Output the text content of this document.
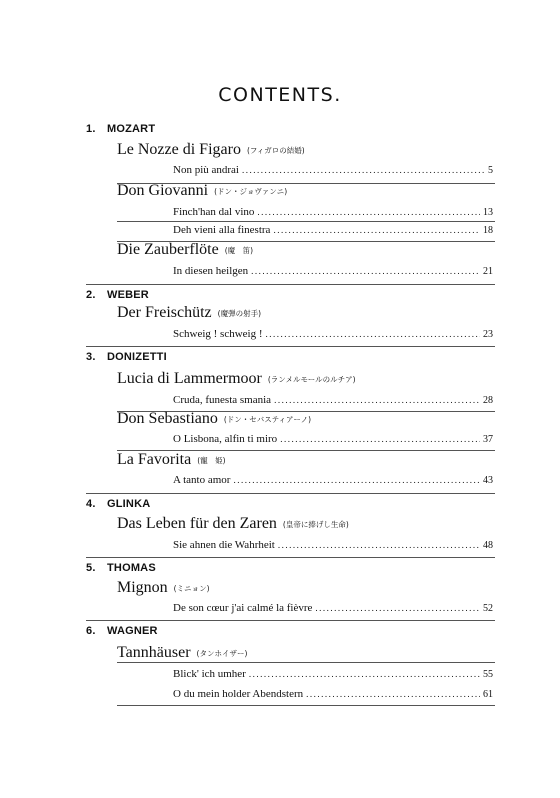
CONTENTS.
1. MOZART
Le Nozze di Figaro (フィガロの結婚)
Non più andrai .....	5
Don Giovanni (ドン・ジョヴァンニ)
Finch'han dal vino .....	13
Deh vieni alla finestra .....	18
Die Zauberflöte (魔　笛)
In diesen heilgen .....	21
2. WEBER
Der Freischütz (魔弾の射手)
Schweig ! schweig ! .....	23
3. DONIZETTI
Lucia di Lammermoor (ランメルモールのルチア)
Cruda, funesta smania .....	28
Don Sebastiano (ドン・セバスティアーノ)
O Lisbona, alfin ti miro .....	37
La Favorita (寵　姫)
A tanto amor .....	43
4. GLINKA
Das Leben für den Zaren (皇帝に捧げし生命)
Sie ahnen die Wahrheit .....	48
5. THOMAS
Mignon (ミニョン)
De son cœur j'ai calmé la fièvre .....	52
6. WAGNER
Tannhäuser (タンホイザー)
Blick' ich umher .....	55
O du mein holder Abendstern .....	61
